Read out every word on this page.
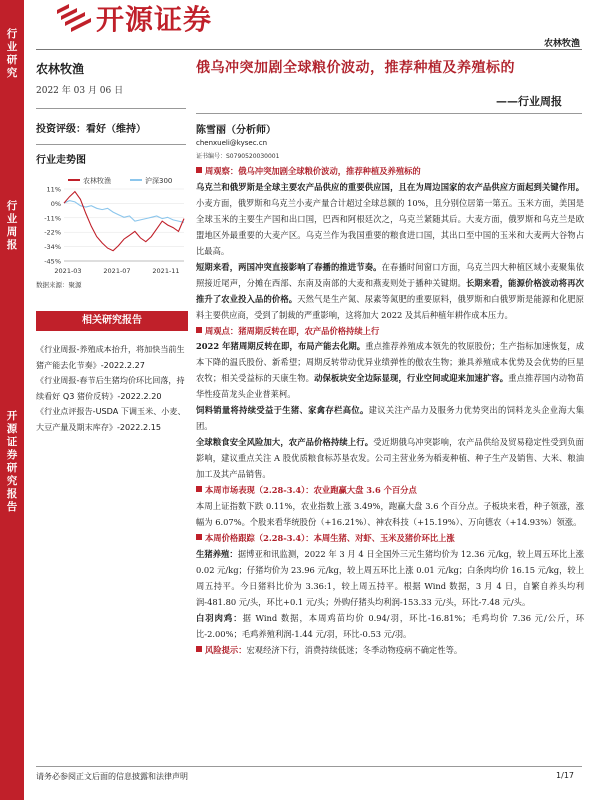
行业研究
行业周报
开源证券研究报告
开源证券
农林牧渔
农林牧渔
2022 年 03 月 06 日
投资评级：看好（维持）
行业走势图
农林牧渔	沪深300
11%
0%
-11%
-22%
-34%
-45%
2021-03	2021-07	2021-11
数据来源：聚源
相关研究报告
《行业周报-养殖成本抬升，将加快当前生猪产能去化节奏》-2022.2.27
《行业周报-春节后生猪均价环比回落，持续看好 Q3 猪价反转》-2022.2.20
《行业点评报告-USDA 下调玉米、小麦、大豆产量及期末库存》-2022.2.15
俄乌冲突加剧全球粮价波动，推荐种植及养殖标的
——行业周报
陈雪丽（分析师）
chenxueli@kysec.cn
证书编号：S0790520030001

周观察：俄乌冲突加剧全球粮价波动，推荐种植及养殖标的

乌克兰和俄罗斯是全球主要农产品供应的重要供应国，且在为周边国家的农产品供应方面起到关键作用。小麦方面，俄罗斯和乌克兰小麦产量合计超过全球总额的 10%，且分别位居第一第五。玉米方面，美国是全球玉米的主要生产国和出口国，巴西和阿根廷次之，乌克兰紧随其后。大麦方面，俄罗斯和乌克兰是欧盟地区外最重要的大麦产区。乌克兰作为我国重要的粮食进口国，其出口至中国的玉米和大麦两大谷物占比最高。

短期来看，两国冲突直接影响了春播的推进节奏。在春播时间窗口方面，乌克兰四大种植区域小麦聚集依照接近尾声，分摊在西部、东南及南部的大麦和燕麦则处于播种关键期。长期来看，能源价格波动将再次推升了农业投入品的价格。天然气是生产氮、尿素等氮肥的重要原料，俄罗斯和白俄罗斯是能源和化肥原料主要供应商，受到了制裁的严重影响，这将加大 2022 及其后种植年耕作成本压力。

周观点：猪周期反转在即，农产品价格持续上行

2022 年猪周期反转在即，布局产能去化期。重点推荐养殖成本领先的牧原股份；生产指标加速恢复，成本下降的温氏股份、新希望；周期反转带动优异业绩弹性的傲农生物；兼具养殖成本优势及会优势的巨星农牧；相关受益标的天康生物。动保板块安全边际显现，行业空间或迎来加速扩容。重点推荐国内动物苗华性疫苗龙头企业普莱柯。

饲料销量将持续受益于生猪、家禽存栏高位。建议关注产品力及服务力优势突出的饲料龙头企业海大集团。

全球粮食安全风险加大，农产品价格持续上行。受近期俄乌冲突影响，农产品供给及贸易稳定性受到负面影响，建议重点关注 A 股优质粮食标苏垦农发。公司主营业务为稻麦种植、种子生产及销售、大米、粮油加工及其产品销售。

本周市场表现（2.28-3.4）：农业跑赢大盘 3.6 个百分点

本周上证指数下跌 0.11%，农业指数上涨 3.49%，跑赢大盘 3.6 个百分点。子板块来看，种子领涨，涨幅为 6.07%。个股来看华统股份（+16.21%）、神农科技（+15.19%）、万向德农（+14.93%）领涨。

本周价格跟踪（2.28-3.4）：本周生猪、对虾、玉米及猪价环比上涨

生猪养殖：据博亚和讯监测，2022 年 3 月 4 日全国外三元生猪均价为 12.36 元/kg，较上周五环比上涨 0.02 元/kg；仔猪均价为 23.96 元/kg，较上周五环比上涨 0.01 元/kg；白条肉均价 16.15 元/kg，较上周五持平。今日猪料比价为 3.36:1，较上周五持平。根据 Wind 数据，3 月 4 日，自繁自养头均利润-481.80 元/头，环比+0.1 元/头；外购仔猪头均利润-153.33 元/头，环比-7.48 元/头。

白羽肉鸡：据 Wind 数据，本周鸡苗均价 0.94/羽，环比-16.81%；毛鸡均价 7.36 元/公斤，环比-2.00%；毛鸡养殖利润-1.44 元/羽，环比-0.53 元/羽。

风险提示：宏观经济下行，消费持续低迷；冬季动物疫病不确定性等。

请务必参阅正文后面的信息披露和法律声明	1/17
